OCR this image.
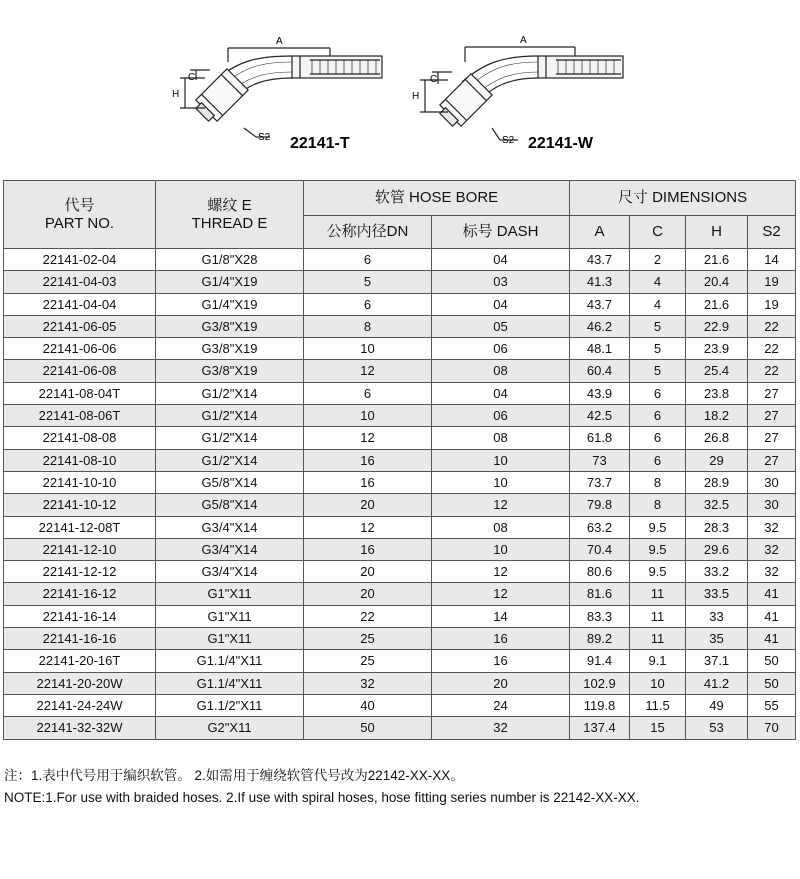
A
H
C
S2 22141-T
A
H
C
S2 22141-W
代号
PART NO.	螺纹 E
THREAD E	软管 HOSE BORE		尺寸 DIMENSIONS			
		公称内径DN	标号 DASH	A	C	H	S2
22141-02-04	G1/8"X28	6	04	43.7	2	21.6	14
22141-04-03	G1/4"X19	5	03	41.3	4	20.4	19
22141-04-04	G1/4"X19	6	04	43.7	4	21.6	19
22141-06-05	G3/8"X19	8	05	46.2	5	22.9	22
22141-06-06	G3/8"X19	10	06	48.1	5	23.9	22
22141-06-08	G3/8"X19	12	08	60.4	5	25.4	22
22141-08-04T	G1/2"X14	6	04	43.9	6	23.8	27
22141-08-06T	G1/2"X14	10	06	42.5	6	18.2	27
22141-08-08	G1/2"X14	12	08	61.8	6	26.8	27
22141-08-10	G1/2"X14	16	10	73	6	29	27
22141-10-10	G5/8"X14	16	10	73.7	8	28.9	30
22141-10-12	G5/8"X14	20	12	79.8	8	32.5	30
22141-12-08T	G3/4"X14	12	08	63.2	9.5	28.3	32
22141-12-10	G3/4"X14	16	10	70.4	9.5	29.6	32
22141-12-12	G3/4"X14	20	12	80.6	9.5	33.2	32
22141-16-12	G1"X11	20	12	81.6	11	33.5	41
22141-16-14	G1"X11	22	14	83.3	11	33	41
22141-16-16	G1"X11	25	16	89.2	11	35	41
22141-20-16T	G1.1/4"X11	25	16	91.4	9.1	37.1	50
22141-20-20W	G1.1/4"X11	32	20	102.9	10	41.2	50
22141-24-24W	G1.1/2"X11	40	24	119.8	11.5	49	55
22141-32-32W	G2"X11	50	32	137.4	15	53	70
注：1.表中代号用于编织软管。 2.如需用于缠绕软管代号改为22142-XX-XX。
NOTE:1.For use with braided hoses. 2.If use with spiral hoses, hose fitting series number is 22142-XX-XX.
